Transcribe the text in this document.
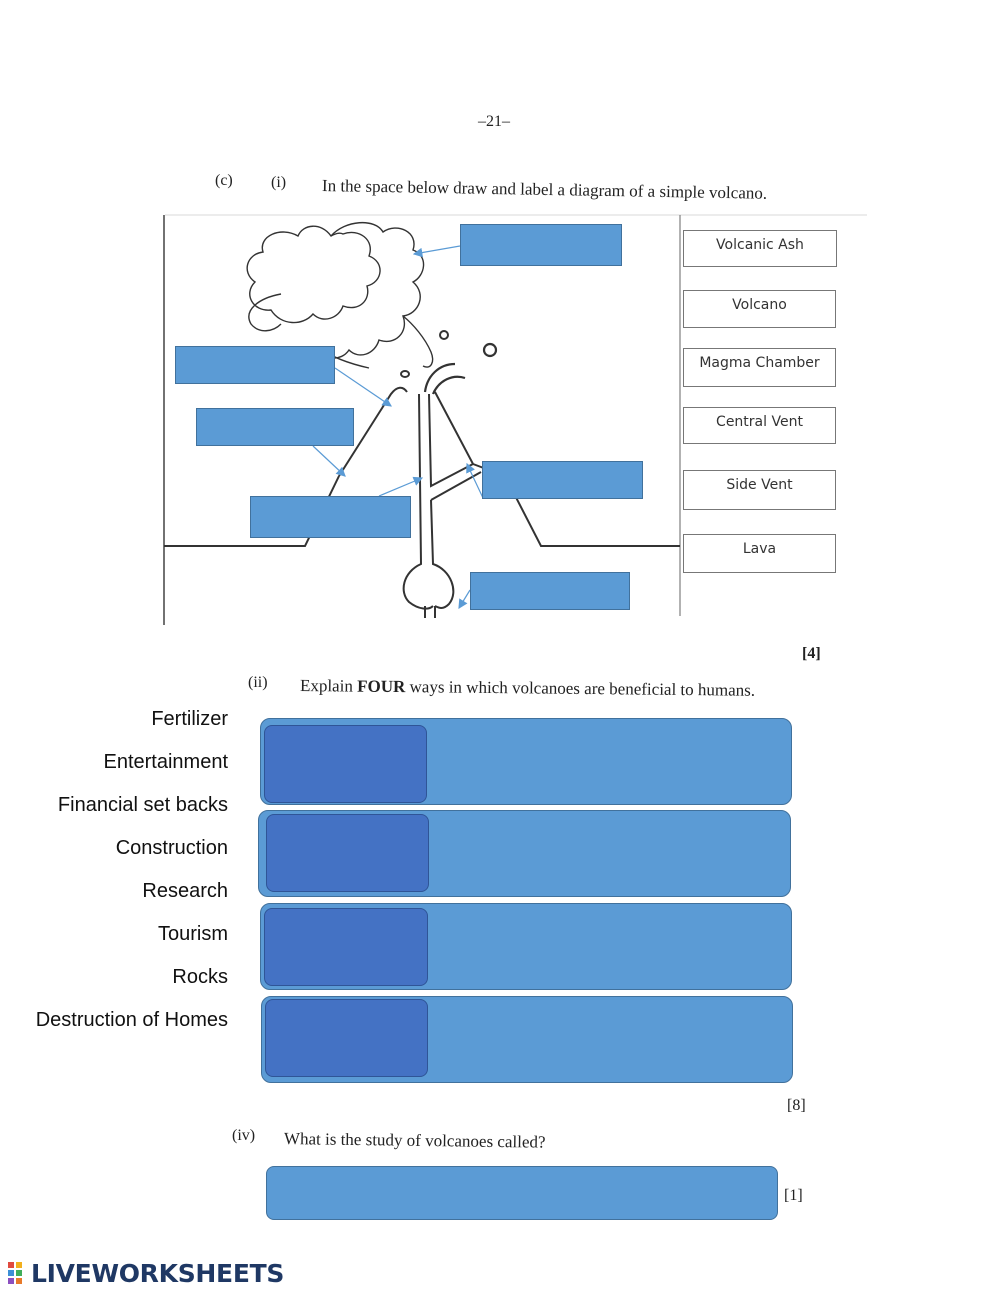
–21–
(c) (i) In the space below draw and label a diagram of a simple volcano.
Volcanic Ash
Volcano
Magma Chamber
Central Vent
Side Vent
Lava
[4]
(ii) Explain FOUR ways in which volcanoes are beneficial to humans.
Fertilizer
Entertainment
Financial set backs
Construction
Research
Tourism
Rocks
Destruction of Homes
[8]
(iv) What is the study of volcanoes called?
[1]
LIVEWORKSHEETS
